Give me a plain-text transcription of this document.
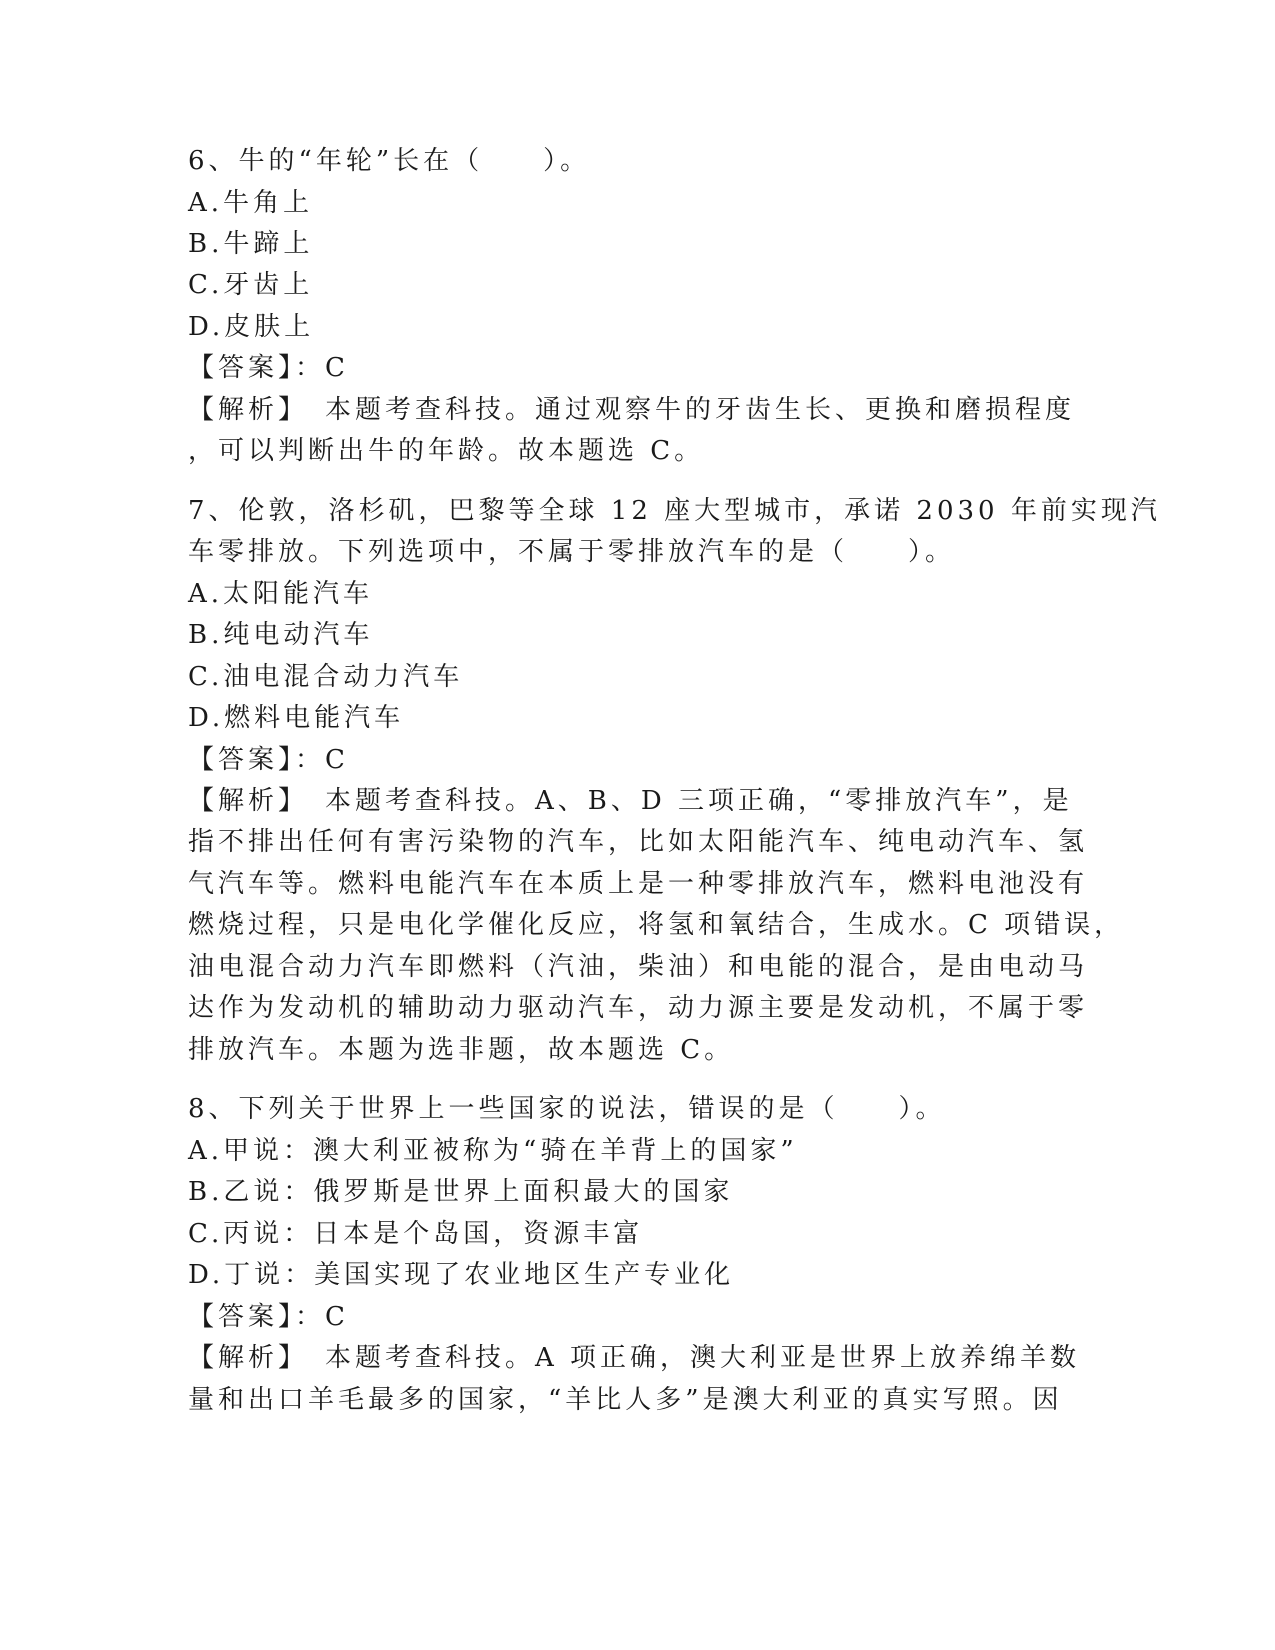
6、牛的“年轮”长在（　　）。
A.牛角上
B.牛蹄上
C.牙齿上
D.皮肤上
【答案】：C
【解析】　本题考查科技。通过观察牛的牙齿生长、更换和磨损程度
，可以判断出牛的年龄。故本题选 C。
7、伦敦，洛杉矶，巴黎等全球 12 座大型城市，承诺 2030 年前实现汽
车零排放。下列选项中，不属于零排放汽车的是（　　）。
A.太阳能汽车
B.纯电动汽车
C.油电混合动力汽车
D.燃料电能汽车
【答案】：C
【解析】　本题考查科技。A、B、D 三项正确，“零排放汽车”，是
指不排出任何有害污染物的汽车，比如太阳能汽车、纯电动汽车、氢
气汽车等。燃料电能汽车在本质上是一种零排放汽车，燃料电池没有
燃烧过程，只是电化学催化反应，将氢和氧结合，生成水。C 项错误，
油电混合动力汽车即燃料（汽油，柴油）和电能的混合，是由电动马
达作为发动机的辅助动力驱动汽车，动力源主要是发动机，不属于零
排放汽车。本题为选非题，故本题选 C。
8、下列关于世界上一些国家的说法，错误的是（　　）。
A.甲说：澳大利亚被称为“骑在羊背上的国家”
B.乙说：俄罗斯是世界上面积最大的国家
C.丙说：日本是个岛国，资源丰富
D.丁说：美国实现了农业地区生产专业化
【答案】：C
【解析】　本题考查科技。A 项正确，澳大利亚是世界上放养绵羊数
量和出口羊毛最多的国家，“羊比人多”是澳大利亚的真实写照。因
